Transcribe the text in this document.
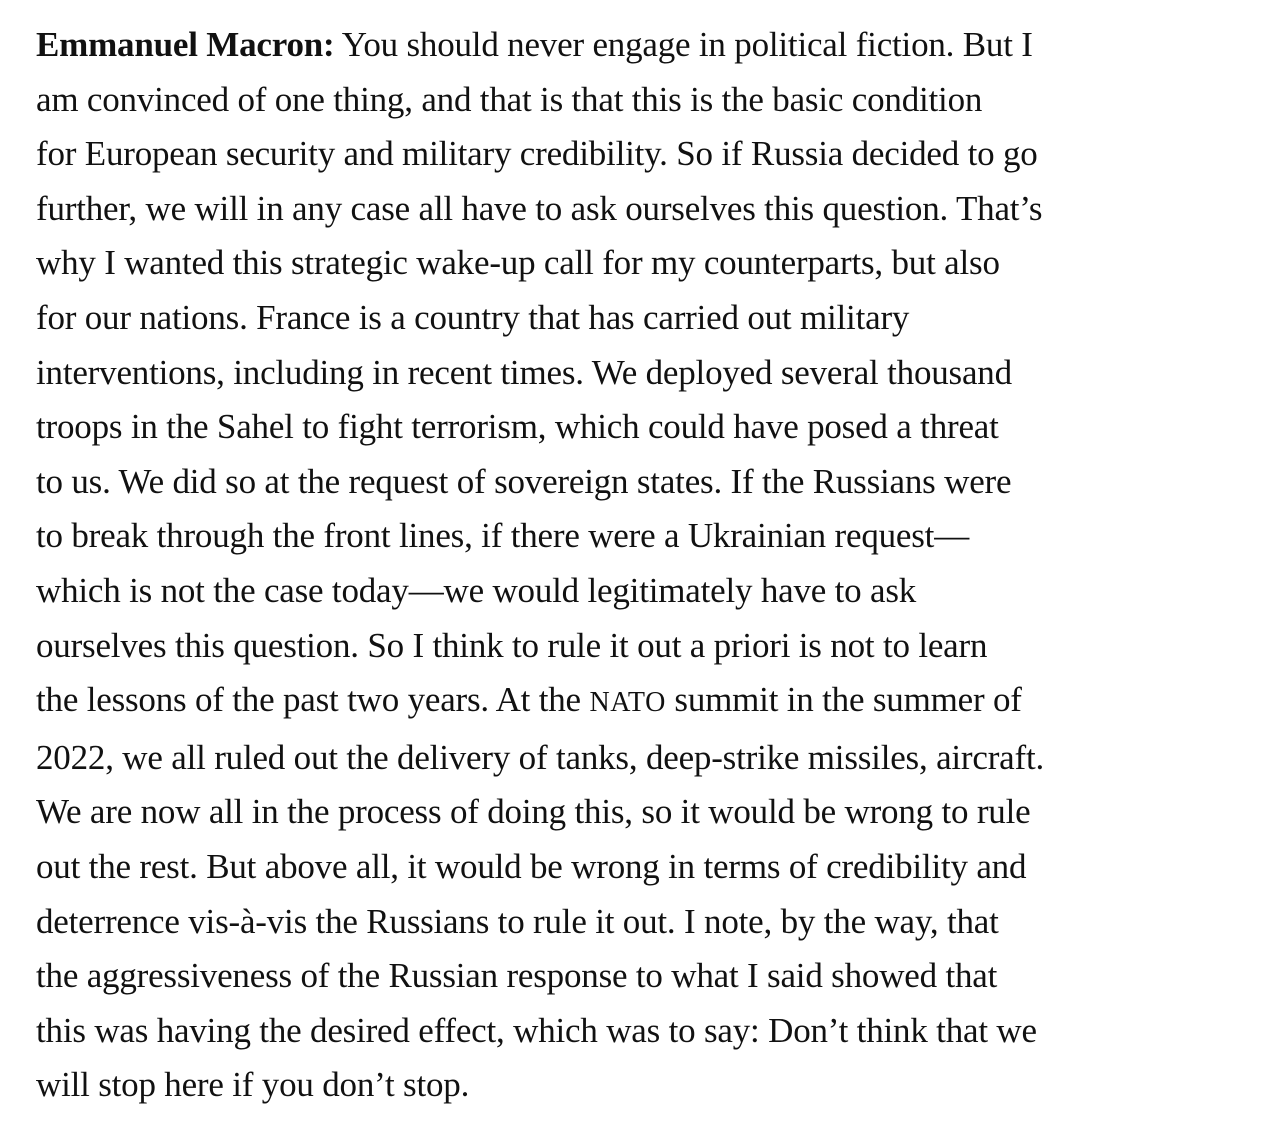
Emmanuel Macron: You should never engage in political fiction. But I
am convinced of one thing, and that is that this is the basic condition
for European security and military credibility. So if Russia decided to go
further, we will in any case all have to ask ourselves this question. That’s
why I wanted this strategic wake-up call for my counterparts, but also
for our nations. France is a country that has carried out military
interventions, including in recent times. We deployed several thousand
troops in the Sahel to fight terrorism, which could have posed a threat
to us. We did so at the request of sovereign states. If the Russians were
to break through the front lines, if there were a Ukrainian request—
which is not the case today—we would legitimately have to ask
ourselves this question. So I think to rule it out a priori is not to learn
the lessons of the past two years. At the NATO summit in the summer of
2022, we all ruled out the delivery of tanks, deep-strike missiles, aircraft.
We are now all in the process of doing this, so it would be wrong to rule
out the rest. But above all, it would be wrong in terms of credibility and
deterrence vis-à-vis the Russians to rule it out. I note, by the way, that
the aggressiveness of the Russian response to what I said showed that
this was having the desired effect, which was to say: Don’t think that we
will stop here if you don’t stop.
